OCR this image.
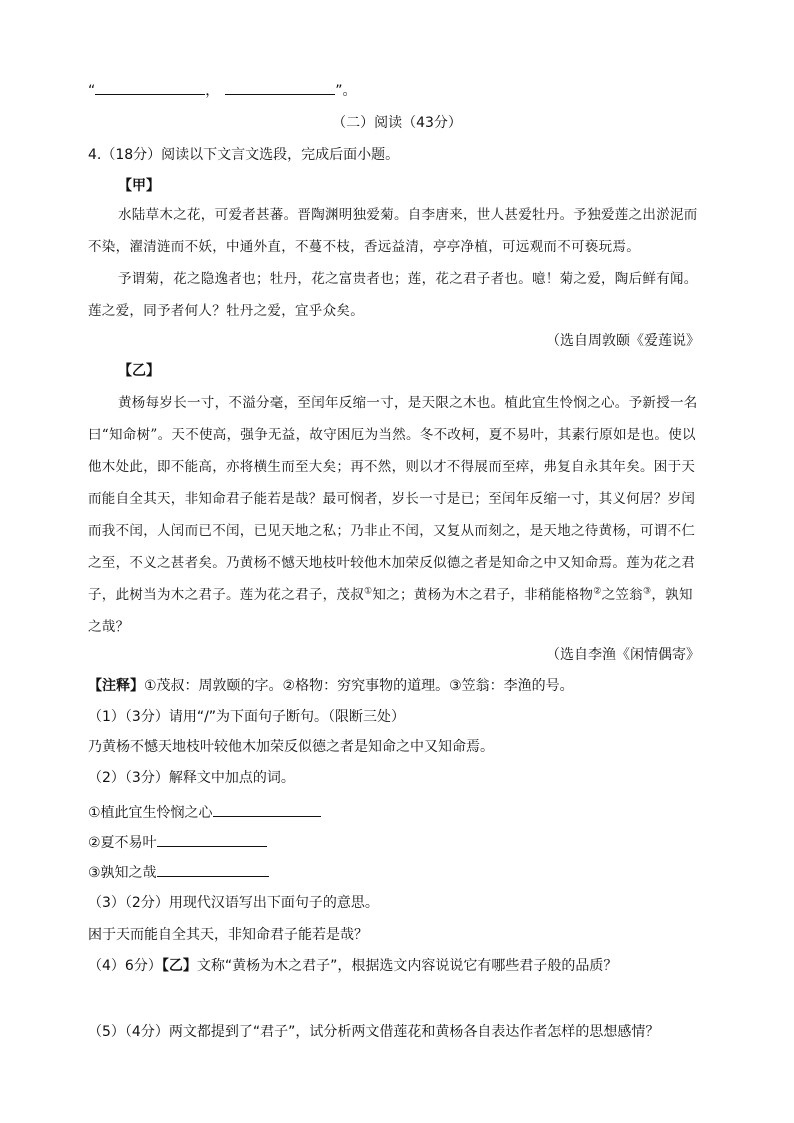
“	，	”。
（二）阅读（43分）
4.（18分）阅读以下文言文选段，完成后面小题。
【甲】
水陆草木之花，可爱者甚蕃。晋陶渊明独爱菊。自李唐来，世人甚爱牡丹。予独爱莲之出淤泥而
不染，濯清涟而不妖，中通外直，不蔓不枝，香远益清，亭亭净植，可远观而不可亵玩焉。
予谓菊，花之隐逸者也；牡丹，花之富贵者也；莲，花之君子者也。噫！菊之爱，陶后鲜有闻。
莲之爱，同予者何人？牡丹之爱，宜乎众矣。
（选自周敦颐《爱莲说》
【乙】
黄杨每岁长一寸，不溢分毫，至闰年反缩一寸，是天限之木也。植此宜生怜悯之心。予新授一名
曰“知命树”。天不使高，强争无益，故守困厄为当然。冬不改柯，夏不易叶，其素行原如是也。使以
他木处此，即不能高，亦将横生而至大矣；再不然，则以才不得展而至瘁，弗复自永其年矣。困于天
而能自全其天，非知命君子能若是哉？最可悯者，岁长一寸是已；至闰年反缩一寸，其义何居？岁闰
而我不闰，人闰而已不闰，已见天地之私；乃非止不闰，又复从而刻之，是天地之待黄杨，可谓不仁
之至，不义之甚者矣。乃黄杨不憾天地枝叶较他木加荣反似德之者是知命之中又知命焉。莲为花之君
子，此树当为木之君子。莲为花之君子，茂叔①知之；黄杨为木之君子，非稍能格物②之笠翁③，孰知
之哉？
（选自李渔《闲情偶寄》
【注释】①茂叔：周敦颐的字。②格物：穷究事物的道理。③笠翁：李渔的号。
（1）（3分）请用“/”为下面句子断句。（限断三处）
乃黄杨不憾天地枝叶较他木加荣反似德之者是知命之中又知命焉。
（2）（3分）解释文中加点的词。
①植此宜生怜悯之心
②夏不易叶
③孰知之哉
（3）（2分）用现代汉语写出下面句子的意思。
困于天而能自全其天，非知命君子能若是哉？
（4）6分）【乙】文称“黄杨为木之君子”，根据选文内容说说它有哪些君子般的品质？
（5）（4分）两文都提到了“君子”，试分析两文借莲花和黄杨各自表达作者怎样的思想感情？
